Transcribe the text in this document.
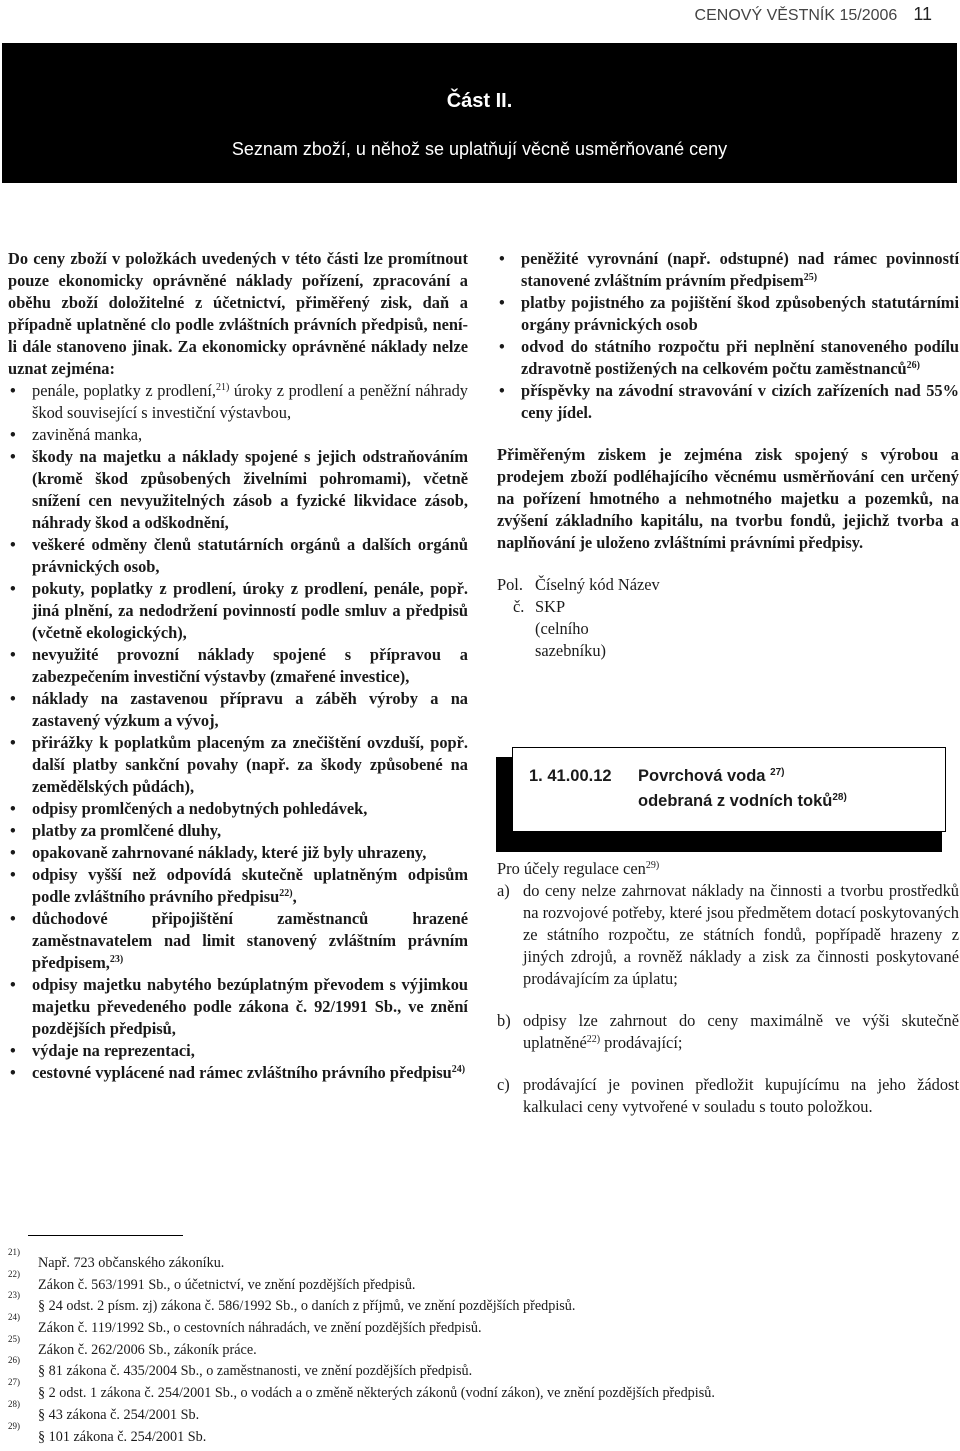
CENOVÝ VĚSTNÍK 15/2006 11
Část II.
Seznam zboží, u něhož se uplatňují věcně usměrňované ceny

Do ceny zboží v položkách uvedených v této části lze promítnout pouze ekonomicky oprávněné náklady pořízení, zpracování a oběhu zboží doložitelné z účetnictví, přiměřený zisk, daň a případně uplatněné clo podle zvláštních právních předpisů, není-li dále stanoveno jinak. Za ekonomicky oprávněné náklady nelze uznat zejména:

• penále, poplatky z prodlení,$^{21)}$ úroky z prodlení a peněžní náhrady škod související s investiční výstavbou,
• zaviněná manka,
• škody na majetku a náklady spojené s jejich odstraňováním (kromě škod způsobených živelními pohromami), včetně snížení cen nevyužitelných zásob a fyzické likvidace zásob, náhrady škod a odškodnění,
• veškeré odměny členů statutárních orgánů a dalších orgánů právnických osob,
• pokuty, poplatky z prodlení, úroky z prodlení, penále, popř. jiná plnění, za nedodržení povinností podle smluv a předpisů (včetně ekologických),
• nevyužité provozní náklady spojené s přípravou a zabezpečením investiční výstavby (zmařené investice),
• náklady na zastavenou přípravu a záběh výroby a na zastavený výzkum a vývoj,
• přirážky k poplatkům placeným za znečištění ovzduší, popř. další platby sankční povahy (např. za škody způsobené na zemědělských půdách),
• odpisy promlčených a nedobytných pohledávek,
• platby za promlčené dluhy,
• opakovaně zahrnované náklady, které již byly uhrazeny,
• odpisy vyšší než odpovídá skutečně uplatněným odpisům podle zvláštního právního předpisu$^{22)}$,
• důchodové připojištění zaměstnanců hrazené zaměstnavatelem nad limit stanovený zvláštním právním předpisem,$^{23)}$
• odpisy majetku nabytého bezúplatným převodem s výjimkou majetku převedeného podle zákona č. 92/1991 Sb., ve znění pozdějších předpisů,
• výdaje na reprezentaci,
• cestovné vyplácené nad rámec zvláštního právního předpisu$^{24)}$
• peněžité vyrovnání (např. odstupné) nad rámec povinností stanovené zvláštním právním předpisem$^{25)}$
• platby pojistného za pojištění škod způsobených statutárními orgány právnických osob
• odvod do státního rozpočtu při neplnění stanoveného podílu zdravotně postižených na celkovém počtu zaměstnanců$^{26)}$
• příspěvky na závodní stravování v cizích zařízeních nad 55% ceny jídel.

Přiměřeným ziskem je zejména zisk spojený s výrobou a prodejem zboží podléhajícího věcnému usměrňování cen určený na pořízení hmotného a nehmotného majetku a pozemků, na zvýšení základního kapitálu, na tvorbu fondů, jejichž tvorba a naplňování je uloženo zvláštními právními předpisy.

Pol. Číselný kód Název
č. SKP
(celního
sazebníku)
1. 41.00.12 Povrchová voda $^{27)}$
odebraná z vodních toků$^{28)}$

Pro účely regulace cen$^{29)}$

a) do ceny nelze zahrnovat náklady na činnosti a tvorbu prostředků na rozvojové potřeby, které jsou předmětem dotací poskytovaných ze státního rozpočtu, ze státních fondů, popřípadě hrazeny z jiných zdrojů, a rovněž náklady a zisk za činnosti poskytované prodávajícím za úplatu;
b) odpisy lze zahrnout do ceny maximálně ve výši skutečně uplatněné$^{22)}$ prodávající;
c) prodávající je povinen předložit kupujícímu na jeho žádost kalkulaci ceny vytvořené v souladu s touto položkou.
21)
Např. 723 občanského zákoníku.
22)
Zákon č. 563/1991 Sb., o účetnictví, ve znění pozdějších předpisů.
23)
§ 24 odst. 2 písm. zj) zákona č. 586/1992 Sb., o daních z příjmů, ve znění pozdějších předpisů.
24)
Zákon č. 119/1992 Sb., o cestovních náhradách, ve znění pozdějších předpisů.
25)
Zákon č. 262/2006 Sb., zákoník práce.
26)
§ 81 zákona č. 435/2004 Sb., o zaměstnanosti, ve znění pozdějších předpisů.
27)
§ 2 odst. 1 zákona č. 254/2001 Sb., o vodách a o změně některých zákonů (vodní zákon), ve znění pozdějších předpisů.
28)
§ 43 zákona č. 254/2001 Sb.
29)
§ 101 zákona č. 254/2001 Sb.
